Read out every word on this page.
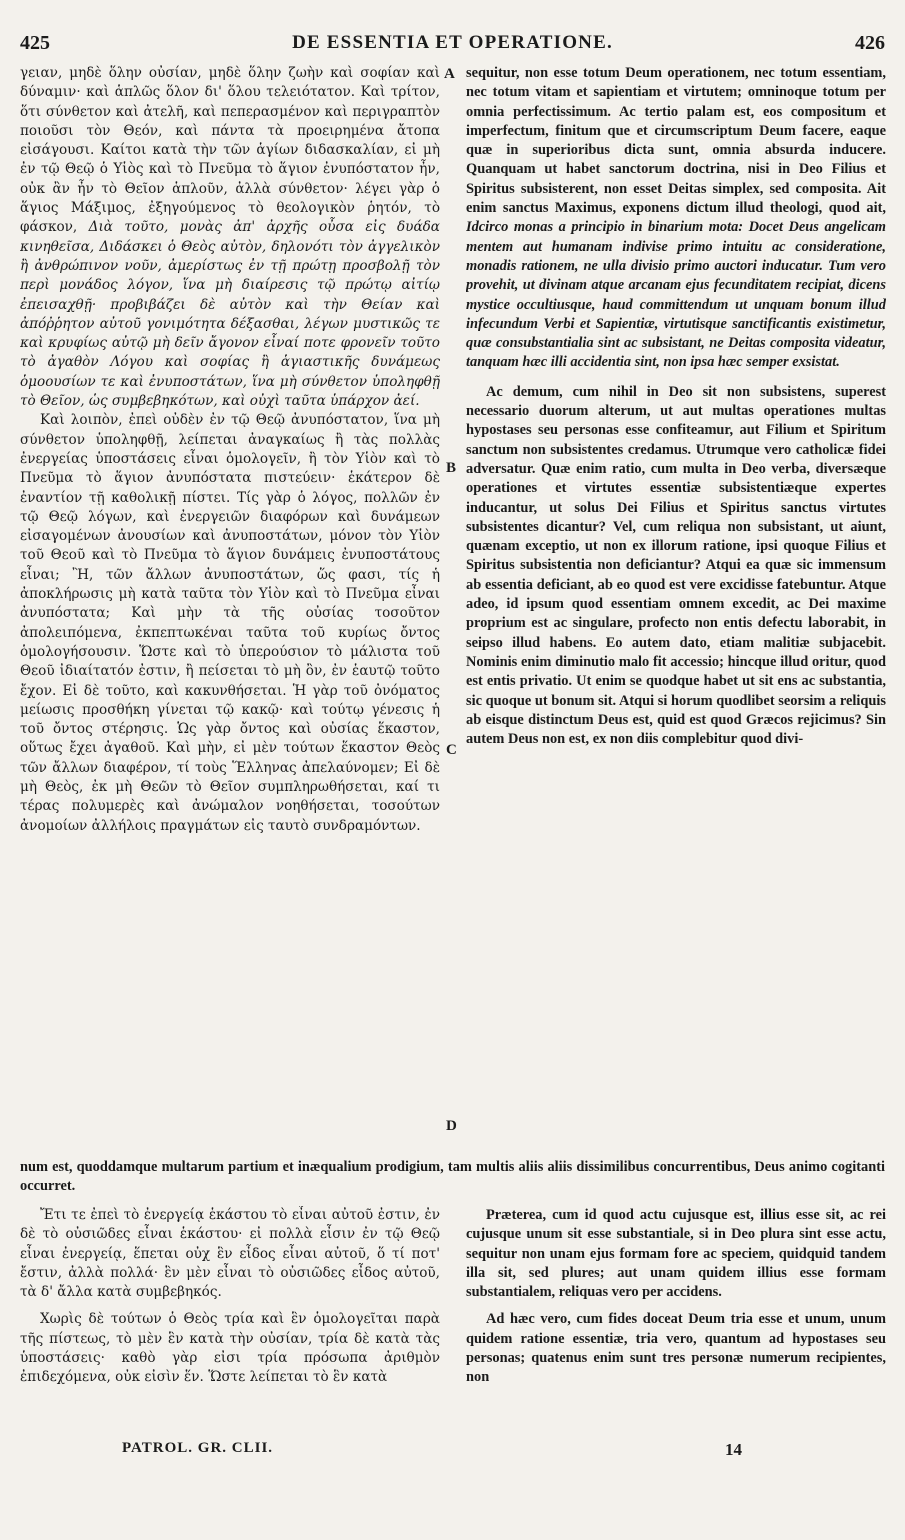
425	DE ESSENTIA ET OPERATIONE.	426

γειαν, μηδὲ ὅλην οὐσίαν, μηδὲ ὅλην ζωὴν καὶ σοφίαν καὶ δύναμιν· καὶ ἁπλῶς ὅλον δι' ὅλου τελειότατον. Καὶ τρίτον, ὅτι σύνθετον καὶ ἀτελῆ, καὶ πεπερασμένον καὶ περιγραπτὸν ποιοῦσι τὸν Θεόν, καὶ πάντα τὰ προειρημένα ἄτοπα εἰσάγουσι. Καίτοι κατὰ τὴν τῶν ἁγίων διδασκαλίαν, εἰ μὴ ἐν τῷ Θεῷ ὁ Υἱὸς καὶ τὸ Πνεῦμα τὸ ἅγιον ἐνυπόστατον ἦν, οὐκ ἂν ἦν τὸ Θεῖον ἁπλοῦν, ἀλλὰ σύνθετον· λέγει γὰρ ὁ ἅγιος Μάξιμος, ἐξηγούμενος τὸ θεολογικὸν ῥητόν, τὸ φάσκον, Διὰ τοῦτο, μονὰς ἀπ' ἀρχῆς οὖσα εἰς δυάδα κινηθεῖσα, Διδάσκει ὁ Θεὸς αὐτὸν, δηλονότι τὸν ἀγγελικὸν ἢ ἀνθρώπινον νοῦν, ἀμερίστως ἐν τῇ πρώτῃ προσβολῇ τὸν περὶ μονάδος λόγον, ἵνα μὴ διαίρεσις τῷ πρώτῳ αἰτίῳ ἐπεισαχθῇ· προβιβάζει δὲ αὐτὸν καὶ τὴν Θείαν καὶ ἀπόῤῥητον αὐτοῦ γονιμότητα δέξασθαι, λέγων μυστικῶς τε καὶ κρυφίως αὐτῷ μὴ δεῖν ἄγονον εἶναί ποτε φρονεῖν τοῦτο τὸ ἀγαθὸν Λόγου καὶ σοφίας ἢ ἁγιαστικῆς δυνάμεως ὁμοουσίων τε καὶ ἐνυποστάτων, ἵνα μὴ σύνθετον ὑποληφθῇ τὸ Θεῖον, ὡς συμβεβηκότων, καὶ οὐχὶ ταῦτα ὑπάρχον ἀεί.

Καὶ λοιπὸν, ἐπεὶ οὐδὲν ἐν τῷ Θεῷ ἀνυπόστατον, ἵνα μὴ σύνθετον ὑποληφθῇ, λείπεται ἀναγκαίως ἢ τὰς πολλὰς ἐνεργείας ὑποστάσεις εἶναι ὁμολογεῖν, ἢ τὸν Υἱὸν καὶ τὸ Πνεῦμα τὸ ἅγιον ἀνυπόστατα πιστεύειν· ἑκάτερον δὲ ἐναντίον τῇ καθολικῇ πίστει. Τίς γὰρ ὁ λόγος, πολλῶν ἐν τῷ Θεῷ λόγων, καὶ ἐνεργειῶν διαφόρων καὶ δυνάμεων εἰσαγομένων ἀνουσίων καὶ ἀνυποστάτων, μόνον τὸν Υἱὸν τοῦ Θεοῦ καὶ τὸ Πνεῦμα τὸ ἅγιον δυνάμεις ἐνυποστάτους εἶναι; Ἢ, τῶν ἄλλων ἀνυποστάτων, ὥς φασι, τίς ἡ ἀποκλήρωσις μὴ κατὰ ταῦτα τὸν Υἱὸν καὶ τὸ Πνεῦμα εἶναι ἀνυπόστατα; Καὶ μὴν τὰ τῆς οὐσίας τοσοῦτον ἀπολειπόμενα, ἐκπεπτωκέναι ταῦτα τοῦ κυρίως ὄντος ὁμολογήσουσιν. Ὥστε καὶ τὸ ὑπερούσιον τὸ μάλιστα τοῦ Θεοῦ ἰδιαίτατόν ἐστιν, ἢ πείσεται τὸ μὴ ὂν, ἐν ἑαυτῷ τοῦτο ἔχον. Εἰ δὲ τοῦτο, καὶ κακυνθήσεται. Ἡ γὰρ τοῦ ὀνόματος μείωσις προσθήκη γίνεται τῷ κακῷ· καὶ τούτῳ γένεσις ἡ τοῦ ὄντος στέρησις. Ὡς γὰρ ὄντος καὶ οὐσίας ἕκαστον, οὕτως ἔχει ἀγαθοῦ. Καὶ μὴν, εἰ μὲν τούτων ἕκαστον Θεὸς τῶν ἄλλων διαφέρον, τί τοὺς Ἕλληνας ἀπελαύνομεν; Εἰ δὲ μὴ Θεὸς, ἐκ μὴ Θεῶν τὸ Θεῖον συμπληρωθήσεται, καί τι τέρας πολυμερὲς καὶ ἀνώμαλον νοηθήσεται, τοσούτων ἀνομοίων ἀλλήλοις πραγμάτων εἰς ταυτὸ συνδραμόντων.

A
B
C
D

sequitur, non esse totum Deum operationem, nec totum essentiam, nec totum vitam et sapientiam et virtutem; omninoque totum per omnia perfectissimum. Ac tertio palam est, eos compositum et imperfectum, finitum que et circumscriptum Deum facere, eaque quæ in superioribus dicta sunt, omnia absurda inducere. Quanquam ut habet sanctorum doctrina, nisi in Deo Filius et Spiritus subsisterent, non esset Deitas simplex, sed composita. Ait enim sanctus Maximus, exponens dictum illud theologi, quod ait, Idcirco monas a principio in binarium mota: Docet Deus angelicam mentem aut humanam indivise primo intuitu ac consideratione, monadis rationem, ne ulla divisio primo auctori inducatur. Tum vero provehit, ut divinam atque arcanam ejus fecunditatem recipiat, dicens mystice occultiusque, haud committendum ut unquam bonum illud infecundum Verbi et Sapientiæ, virtutisque sanctificantis existimetur, quæ consubstantialia sint ac subsistant, ne Deitas composita videatur, tanquam hæc illi accidentia sint, non ipsa hæc semper exsistat.

Ac demum, cum nihil in Deo sit non subsistens, superest necessario duorum alterum, ut aut multas operationes multas hypostases seu personas esse confiteamur, aut Filium et Spiritum sanctum non subsistentes credamus. Utrumque vero catholicæ fidei adversatur. Quæ enim ratio, cum multa in Deo verba, diversæque operationes et virtutes essentiæ subsistentiæque expertes inducantur, ut solus Dei Filius et Spiritus sanctus virtutes subsistentes dicantur? Vel, cum reliqua non subsistant, ut aiunt, quænam exceptio, ut non ex illorum ratione, ipsi quoque Filius et Spiritus subsistentia non deficiantur? Atqui ea quæ sic immensum ab essentia deficiant, ab eo quod est vere excidisse fatebuntur. Atque adeo, id ipsum quod essentiam omnem excedit, ac Dei maxime proprium est ac singulare, profecto non entis defectu laborabit, in seipso illud habens. Eo autem dato, etiam malitiæ subjacebit. Nominis enim diminutio malo fit accessio; hincque illud oritur, quod est entis privatio. Ut enim se quodque habet ut sit ens ac substantia, sic quoque ut bonum sit. Atqui si horum quodlibet seorsim a reliquis ab eisque distinctum Deus est, quid est quod Græcos rejicimus? Sin autem Deus non est, ex non diis complebitur quod divi-

num est, quoddamque multarum partium et inæqualium prodigium, tam multis aliis aliis dissimilibus concurrentibus, Deus animo cogitanti occurret.

Ἔτι τε ἐπεὶ τὸ ἐνεργείᾳ ἑκάστου τὸ εἶναι αὐτοῦ ἐστιν, ἐν δὲ τὸ οὐσιῶδες εἶναι ἑκάστου· εἰ πολλὰ εἶσιν ἐν τῷ Θεῷ εἶναι ἐνεργείᾳ, ἕπεται οὐχ ἓν εἶδος εἶναι αὐτοῦ, ὅ τί ποτ' ἔστιν, ἀλλὰ πολλά· ἓν μὲν εἶναι τὸ οὐσιῶδες εἶδος αὐτοῦ, τὰ δ' ἄλλα κατὰ συμβεβηκός.

Χωρὶς δὲ τούτων ὁ Θεὸς τρία καὶ ἓν ὁμολογεῖται παρὰ τῆς πίστεως, τὸ μὲν ἓν κατὰ τὴν οὐσίαν, τρία δὲ κατὰ τὰς ὑποστάσεις· καθὸ γὰρ εἰσι τρία πρόσωπα ἀριθμὸν ἐπιδεχόμενα, οὐκ εἰσὶν ἕν. Ὥστε λείπεται τὸ ἓν κατὰ

Præterea, cum id quod actu cujusque est, illius esse sit, ac rei cujusque unum sit esse substantiale, si in Deo plura sint esse actu, sequitur non unam ejus formam fore ac speciem, quidquid tandem illa sit, sed plures; aut unam quidem illius esse formam substantialem, reliquas vero per accidens.

Ad hæc vero, cum fides doceat Deum tria esse et unum, unum quidem ratione essentiæ, tria vero, quantum ad hypostases seu personas; quatenus enim sunt tres personæ numerum recipientes, non

PATROL. GR. CLII.	14
